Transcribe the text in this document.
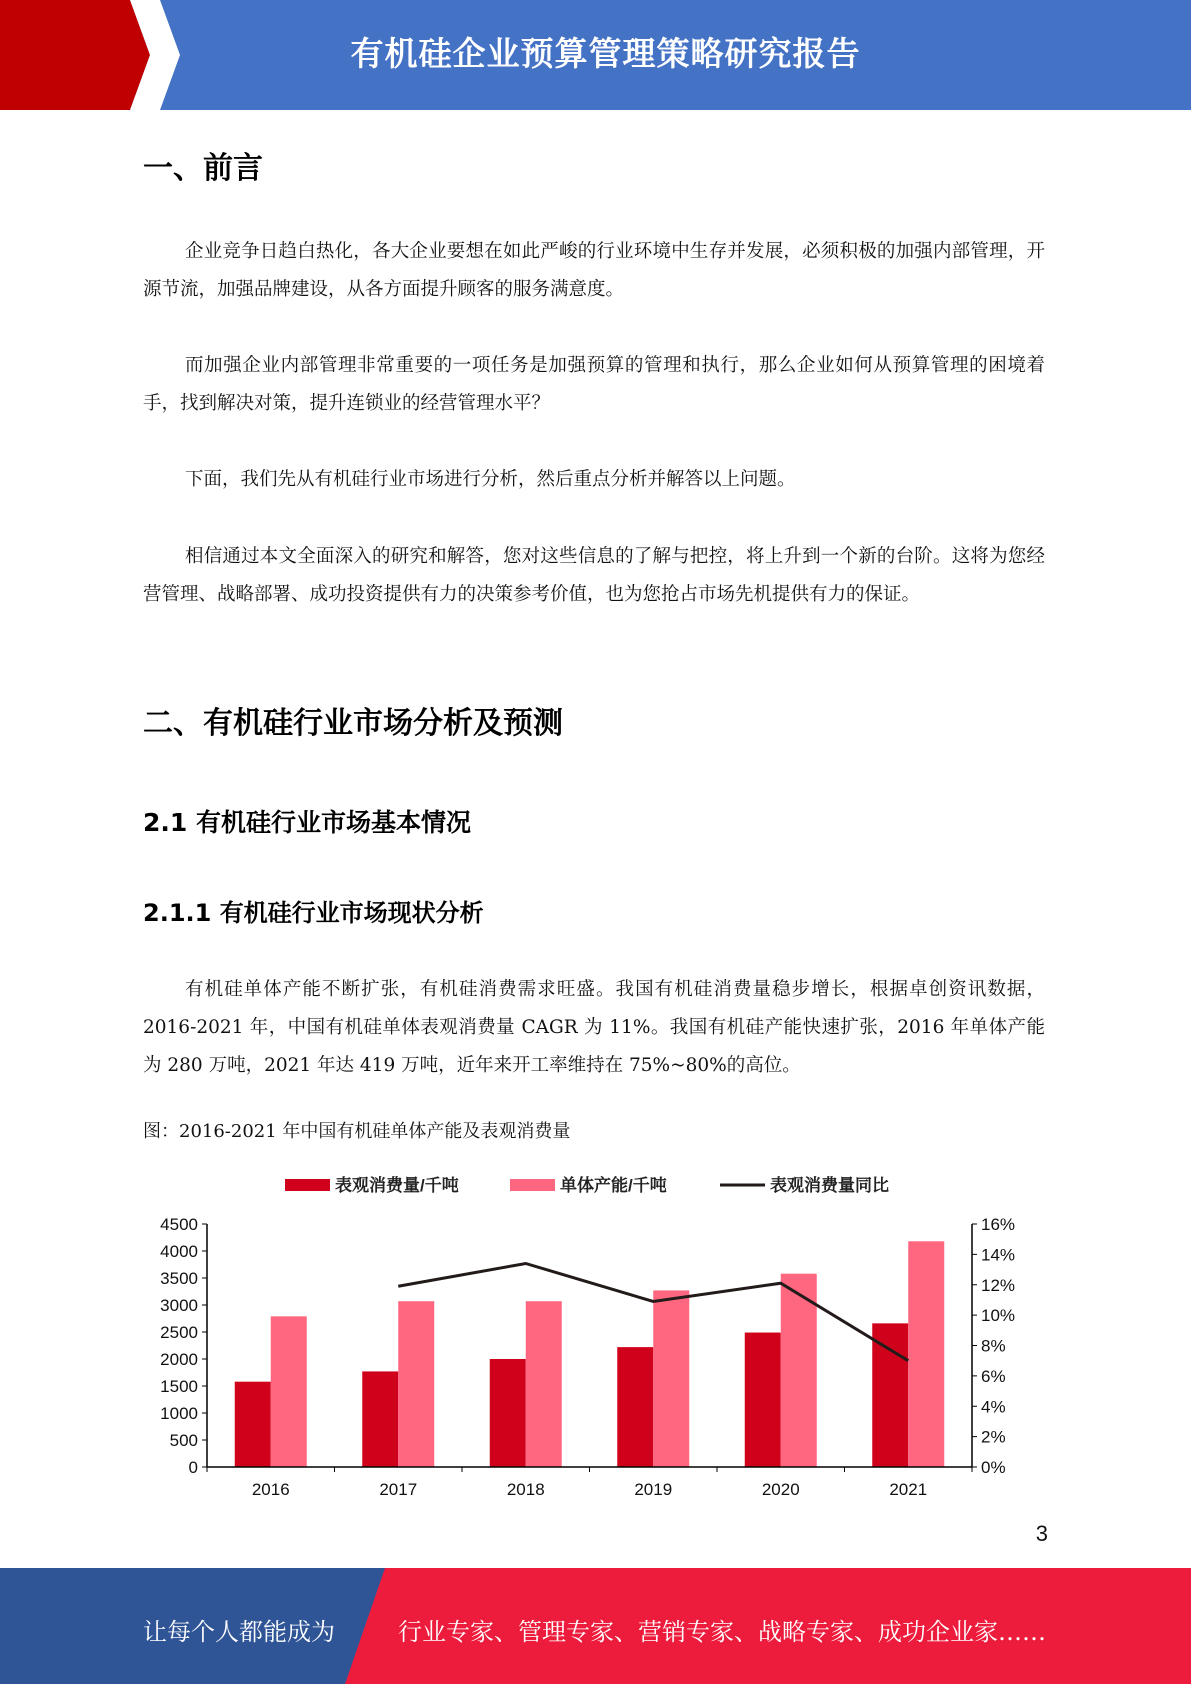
有机硅企业预算管理策略研究报告
一、前言

企业竞争日趋白热化，各大企业要想在如此严峻的行业环境中生存并发展，必须积极的加强内部管理，开源节流，加强品牌建设，从各方面提升顾客的服务满意度。

而加强企业内部管理非常重要的一项任务是加强预算的管理和执行，那么企业如何从预算管理的困境着手，找到解决对策，提升连锁业的经营管理水平？

下面，我们先从有机硅行业市场进行分析，然后重点分析并解答以上问题。

相信通过本文全面深入的研究和解答，您对这些信息的了解与把控，将上升到一个新的台阶。这将为您经营管理、战略部署、成功投资提供有力的决策参考价值，也为您抢占市场先机提供有力的保证。

二、有机硅行业市场分析及预测
2.1 有机硅行业市场基本情况
2.1.1 有机硅行业市场现状分析

有机硅单体产能不断扩张，有机硅消费需求旺盛。我国有机硅消费量稳步增长，根据卓创资讯数据，2016-2021 年，中国有机硅单体表观消费量 CAGR 为 11%。我国有机硅产能快速扩张，2016 年单体产能为 280 万吨，2021 年达 419 万吨，近年来开工率维持在 75%~80%的高位。

图：2016-2021 年中国有机硅单体产能及表观消费量
表观消费量/千吨	单体产能/千吨	表观消费量同比
0
500
1000
1500
2000
2500
3000
3500
4000
4500
0%
2%
4%
6%
8%
10%
12%
14%
16%
2016	2017	2018	2019	2020	2021
3
让每个人都能成为	行业专家、管理专家、营销专家、战略专家、成功企业家……
